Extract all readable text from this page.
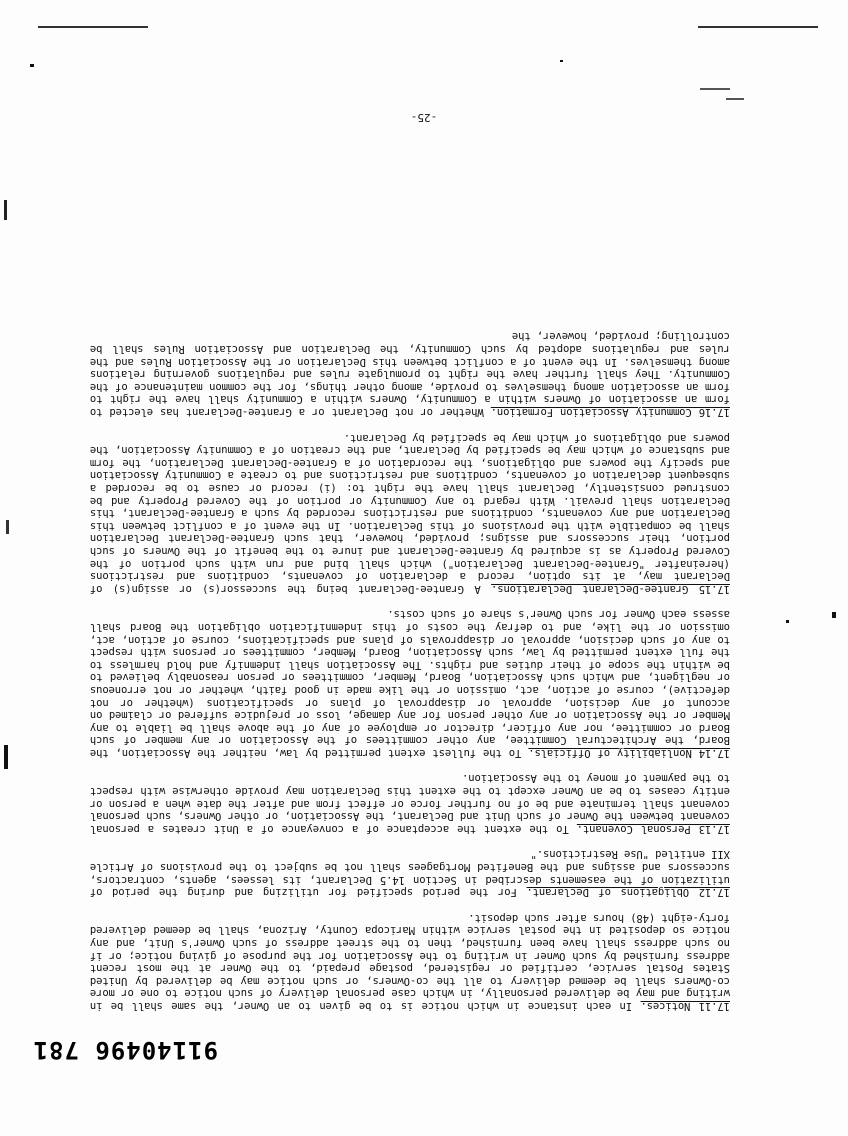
91140496 781

17.11 Notices. In each instance in which notice is to be given to an Owner, the same shall be in writing and may be delivered personally, in which case personal delivery of such notice to one or more co-Owners shall be deemed delivery to all the co-Owners, or such notice may be delivered by United States Postal service, certified or registered, postage prepaid, to the Owner at the most recent address furnished by such Owner in writing to the Association for the purpose of giving notice; or if no such address shall have been furnished, then to the street address of such Owner's Unit, and any notice so deposited in the postal service within Maricopa County, Arizona, shall be deemed delivered forty-eight (48) hours after such deposit.

17.12 Obligations of Declarant. For the period specified for utilizing and during the period of utilization of the easements described in Section 14.5 Declarant, its lessees, agents, contractors, successors and assigns and the Benefited Mortgagees shall not be subject to the provisions of Article XII entitled "Use Restrictions."

17.13 Personal Covenant. To the extent the acceptance of a conveyance of a Unit creates a personal covenant between the Owner of such Unit and Declarant, the Association, or other Owners, such personal covenant shall terminate and be of no further force or effect from and after the date when a person or entity ceases to be an Owner except to the extent this Declaration may provide otherwise with respect to the payment of money to the Association.

17.14 Nonliability of Officials. To the fullest extent permitted by law, neither the Association, the Board, the Architectural Committee, any other committees of the Association or any member of such Board or committee, nor any officer, director or employee of any of the above shall be liable to any Member or the Association or any other person for any damage, loss or prejudice suffered or claimed on account of any decision, approval or disapproval of plans or specifications (whether or not defective), course of action, act, omission or the like made in good faith, whether or not erroneous or negligent, and which such Association, Board, Member, committees or person reasonably believed to be within the scope of their duties and rights. The Association shall indemnify and hold harmless to the full extent permitted by law, such Association, Board, Member, committees or persons with respect to any of such decision, approval or disapprovals of plans and specifications, course of action, act, omission or the like, and to defray the costs of this indemnification obligation the Board shall assess each Owner for such Owner's share of such costs.

17.15 Grantee-Declarant Declarations. A Grantee-Declarant being the successor(s) or assign(s) of Declarant may, at its option, record a declaration of covenants, conditions and restrictions (hereinafter "Grantee-Declarant Declaration") which shall bind and run with such portion of the Covered Property as is acquired by Grantee-Declarant and inure to the benefit of the Owners of such portion, their successors and assigns; provided, however, that such Grantee-Declarant Declaration shall be compatible with the provisions of this Declaration. In the event of a conflict between this Declaration and any covenants, conditions and restrictions recorded by such a Grantee-Declarant, this Declaration shall prevail. With regard to any Community or portion of the Covered Property and be construed consistently, Declarant shall have the right to: (i) record or cause to be recorded a subsequent declaration of covenants, conditions and restrictions and to create a Community Association and specify the powers and obligations, the recordation of a Grantee-Declarant Declaration, the form and substance of which may be specified by Declarant, and the creation of a Community Association, the powers and obligations of which may be specified by Declarant.

17.16 Community Association Formation. Whether or not Declarant or a Grantee-Declarant has elected to form an association of Owners within a Community, Owners within a Community shall have the right to form an association among themselves to provide, among other things, for the common maintenance of the Community. They shall further have the right to promulgate rules and regulations governing relations among themselves. In the event of a conflict between this Declaration or the Association Rules and the rules and regulations adopted by such Community, the Declaration and Association Rules shall be controlling; provided, however, the

-25-
